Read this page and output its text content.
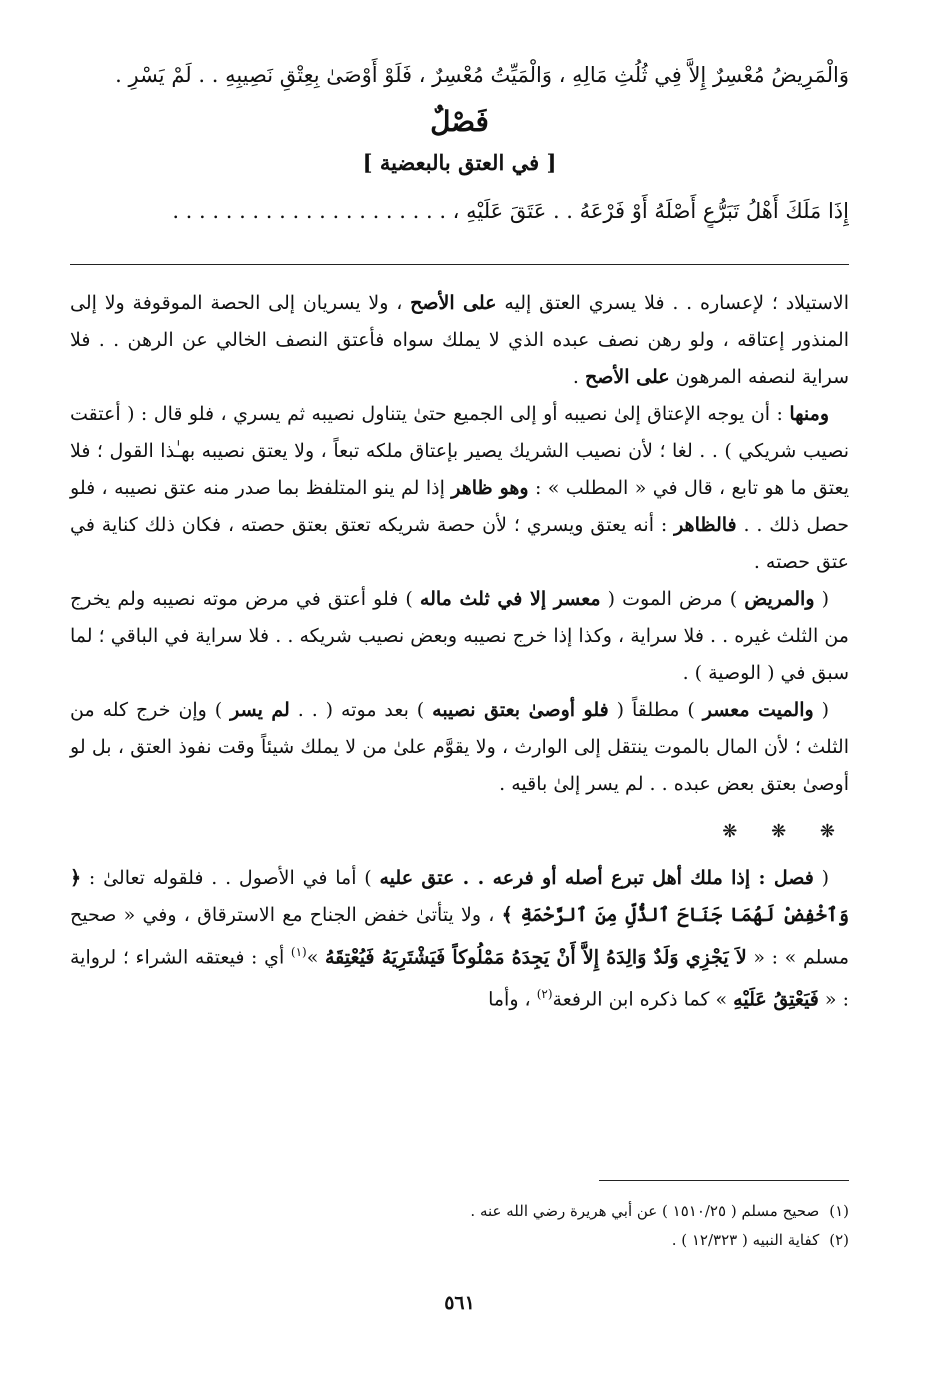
وَالْمَرِيضُ مُعْسِرٌ إِلاَّ فِي ثُلُثِ مَالِهِ ، وَالْمَيِّتُ مُعْسِرٌ ، فَلَوْ أَوْصَىٰ بِعِتْقِ نَصِيبِهِ . . لَمْ يَسْرِ .
فَصْلٌ
[ في العتق بالبعضية ]
إِذَا مَلَكَ أَهْلُ تَبَرُّعٍ أَصْلَهُ أَوْ فَرْعَهُ . . عَتَقَ عَلَيْهِ ، . . . . . . . . . . . . . . . . . . . . .

الاستيلاد ؛ لإعساره . . فلا يسري العتق إليه على الأصح ، ولا يسريان إلى الحصة الموقوفة ولا إلى المنذور إعتاقه ، ولو رهن نصف عبده الذي لا يملك سواه فأعتق النصف الخالي عن الرهن . . فلا سراية لنصفه المرهون على الأصح .

ومنها : أن يوجه الإعتاق إلىٰ نصيبه أو إلى الجميع حتىٰ يتناول نصيبه ثم يسري ، فلو قال : ( أعتقت نصيب شريكي ) . . لغا ؛ لأن نصيب الشريك يصير بإعتاق ملكه تبعاً ، ولا يعتق نصيبه بهـٰذا القول ؛ فلا يعتق ما هو تابع ، قال في « المطلب » : وهو ظاهر إذا لم ينو المتلفظ بما صدر منه عتق نصيبه ، فلو حصل ذلك . . فالظاهر : أنه يعتق ويسري ؛ لأن حصة شريكه تعتق بعتق حصته ، فكان ذلك كناية في عتق حصته .

( والمريض ) مرض الموت ( معسر إلا في ثلث ماله ) فلو أعتق في مرض موته نصيبه ولم يخرج من الثلث غيره . . فلا سراية ، وكذا إذا خرج نصيبه وبعض نصيب شريكه . . فلا سراية في الباقي ؛ لما سبق في ( الوصية ) .

( والميت معسر ) مطلقاً ( فلو أوصىٰ بعتق نصيبه ) بعد موته ( . . لم يسر ) وإن خرج كله من الثلث ؛ لأن المال بالموت ينتقل إلى الوارث ، ولا يقوَّم علىٰ من لا يملك شيئاً وقت نفوذ العتق ، بل لو أوصىٰ بعتق بعض عبده . . لم يسر إلىٰ باقيه .

❋ ❋ ❋

( فصل : إذا ملك أهل تبرع أصله أو فرعه . . عتق عليه ) أما في الأصول . . فلقوله تعالىٰ : ﴿ وَٱخْفِضْ لَهُمَا جَنَاحَ ٱلذُّلِّ مِنَ ٱلرَّحْمَةِ ﴾ ، ولا يتأتىٰ خفض الجناح مع الاسترقاق ، وفي « صحيح مسلم » : « لاَ يَجْزِي وَلَدٌ وَالِدَهُ إِلاَّ أَنْ يَجِدَهُ مَمْلُوكاً فَيَشْتَرِيَهُ فَيُعْتِقَهُ »$^{(١)}$ أي : فيعتقه الشراء ؛ لرواية : « فَيَعْتِقُ عَلَيْهِ » كما ذكره ابن الرفعة$^{(٢)}$ ، وأما

(١)
صحيح مسلم ( ١٥١٠/٢٥ ) عن أبي هريرة رضي الله عنه .
(٢)
كفاية النبيه ( ١٢/٣٢٣ ) .
٥٦١
